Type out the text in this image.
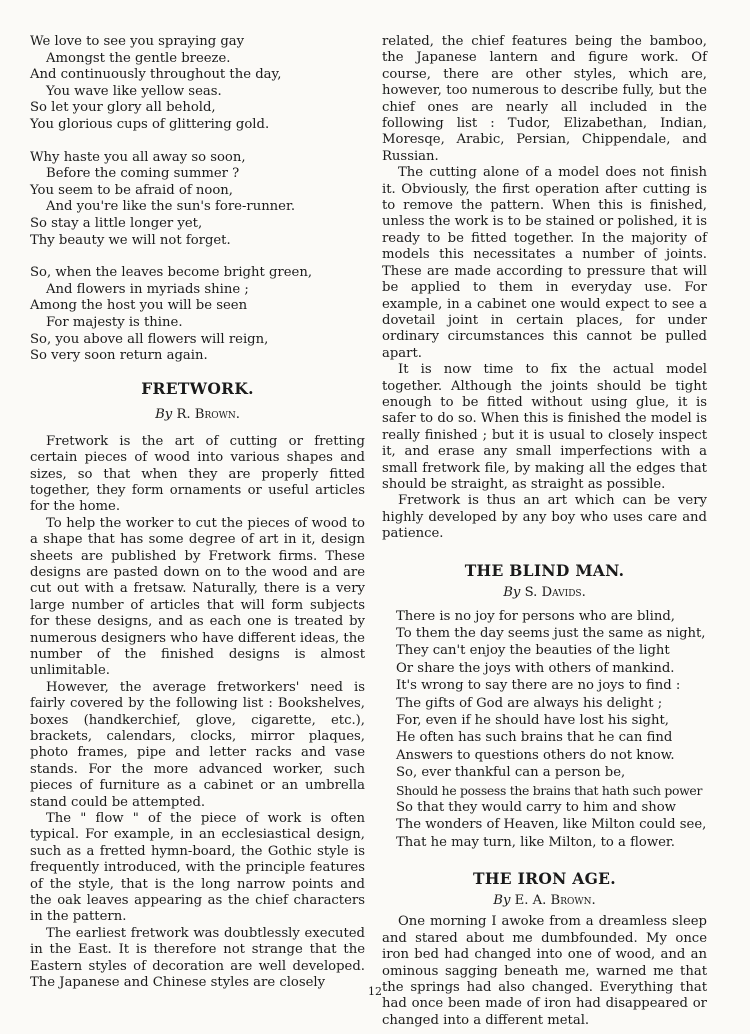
We love to see you spraying gay
Amongst the gentle breeze.
And continuously throughout the day,
You wave like yellow seas.
So let your glory all behold,
You glorious cups of glittering gold.
Why haste you all away so soon,
Before the coming summer ?
You seem to be afraid of noon,
And you're like the sun's fore-runner.
So stay a little longer yet,
Thy beauty we will not forget.
So, when the leaves become bright green,
And flowers in myriads shine ;
Among the host you will be seen
For majesty is thine.
So, you above all flowers will reign,
So very soon return again.
FRETWORK.
By R. Brown.

Fretwork is the art of cutting or fretting certain pieces of wood into various shapes and sizes, so that when they are properly fitted together, they form ornaments or useful articles for the home.

To help the worker to cut the pieces of wood to a shape that has some degree of art in it, design sheets are published by Fretwork firms. These designs are pasted down on to the wood and are cut out with a fretsaw. Naturally, there is a very large number of articles that will form subjects for these designs, and as each one is treated by numerous designers who have different ideas, the number of the finished designs is almost unlimitable.

However, the average fretworkers' need is fairly covered by the following list : Bookshelves, boxes (handkerchief, glove, cigarette, etc.), brackets, calendars, clocks, mirror plaques, photo frames, pipe and letter racks and vase stands. For the more advanced worker, such pieces of furniture as a cabinet or an umbrella stand could be attempted.

The " flow " of the piece of work is often typical. For example, in an ecclesiastical design, such as a fretted hymn-board, the Gothic style is frequently introduced, with the principle features of the style, that is the long narrow points and the oak leaves appearing as the chief characters in the pattern.

The earliest fretwork was doubtlessly executed in the East. It is therefore not strange that the Eastern styles of decoration are well developed. The Japanese and Chinese styles are closely

related, the chief features being the bamboo, the Japanese lantern and figure work. Of course, there are other styles, which are, however, too numerous to describe fully, but the chief ones are nearly all included in the following list : Tudor, Elizabethan, Indian, Moresqe, Arabic, Persian, Chippendale, and Russian.

The cutting alone of a model does not finish it. Obviously, the first operation after cutting is to remove the pattern. When this is finished, unless the work is to be stained or polished, it is ready to be fitted together. In the majority of models this necessitates a number of joints. These are made according to pressure that will be applied to them in everyday use. For example, in a cabinet one would expect to see a dovetail joint in certain places, for under ordinary circumstances this cannot be pulled apart.

It is now time to fix the actual model together. Although the joints should be tight enough to be fitted without using glue, it is safer to do so. When this is finished the model is really finished ; but it is usual to closely inspect it, and erase any small imperfections with a small fretwork file, by making all the edges that should be straight, as straight as possible.

Fretwork is thus an art which can be very highly developed by any boy who uses care and patience.

THE BLIND MAN.
By S. Davids.
There is no joy for persons who are blind,
To them the day seems just the same as night,
They can't enjoy the beauties of the light
Or share the joys with others of mankind.
It's wrong to say there are no joys to find :
The gifts of God are always his delight ;
For, even if he should have lost his sight,
He often has such brains that he can find
Answers to questions others do not know.
So, ever thankful can a person be,
Should he possess the brains that hath such power
So that they would carry to him and show
The wonders of Heaven, like Milton could see,
That he may turn, like Milton, to a flower.
THE IRON AGE.
By E. A. Brown.

One morning I awoke from a dreamless sleep and stared about me dumbfounded. My once iron bed had changed into one of wood, and an ominous sagging beneath me, warned me that the springs had also changed. Everything that had once been made of iron had disappeared or changed into a different metal.

12
